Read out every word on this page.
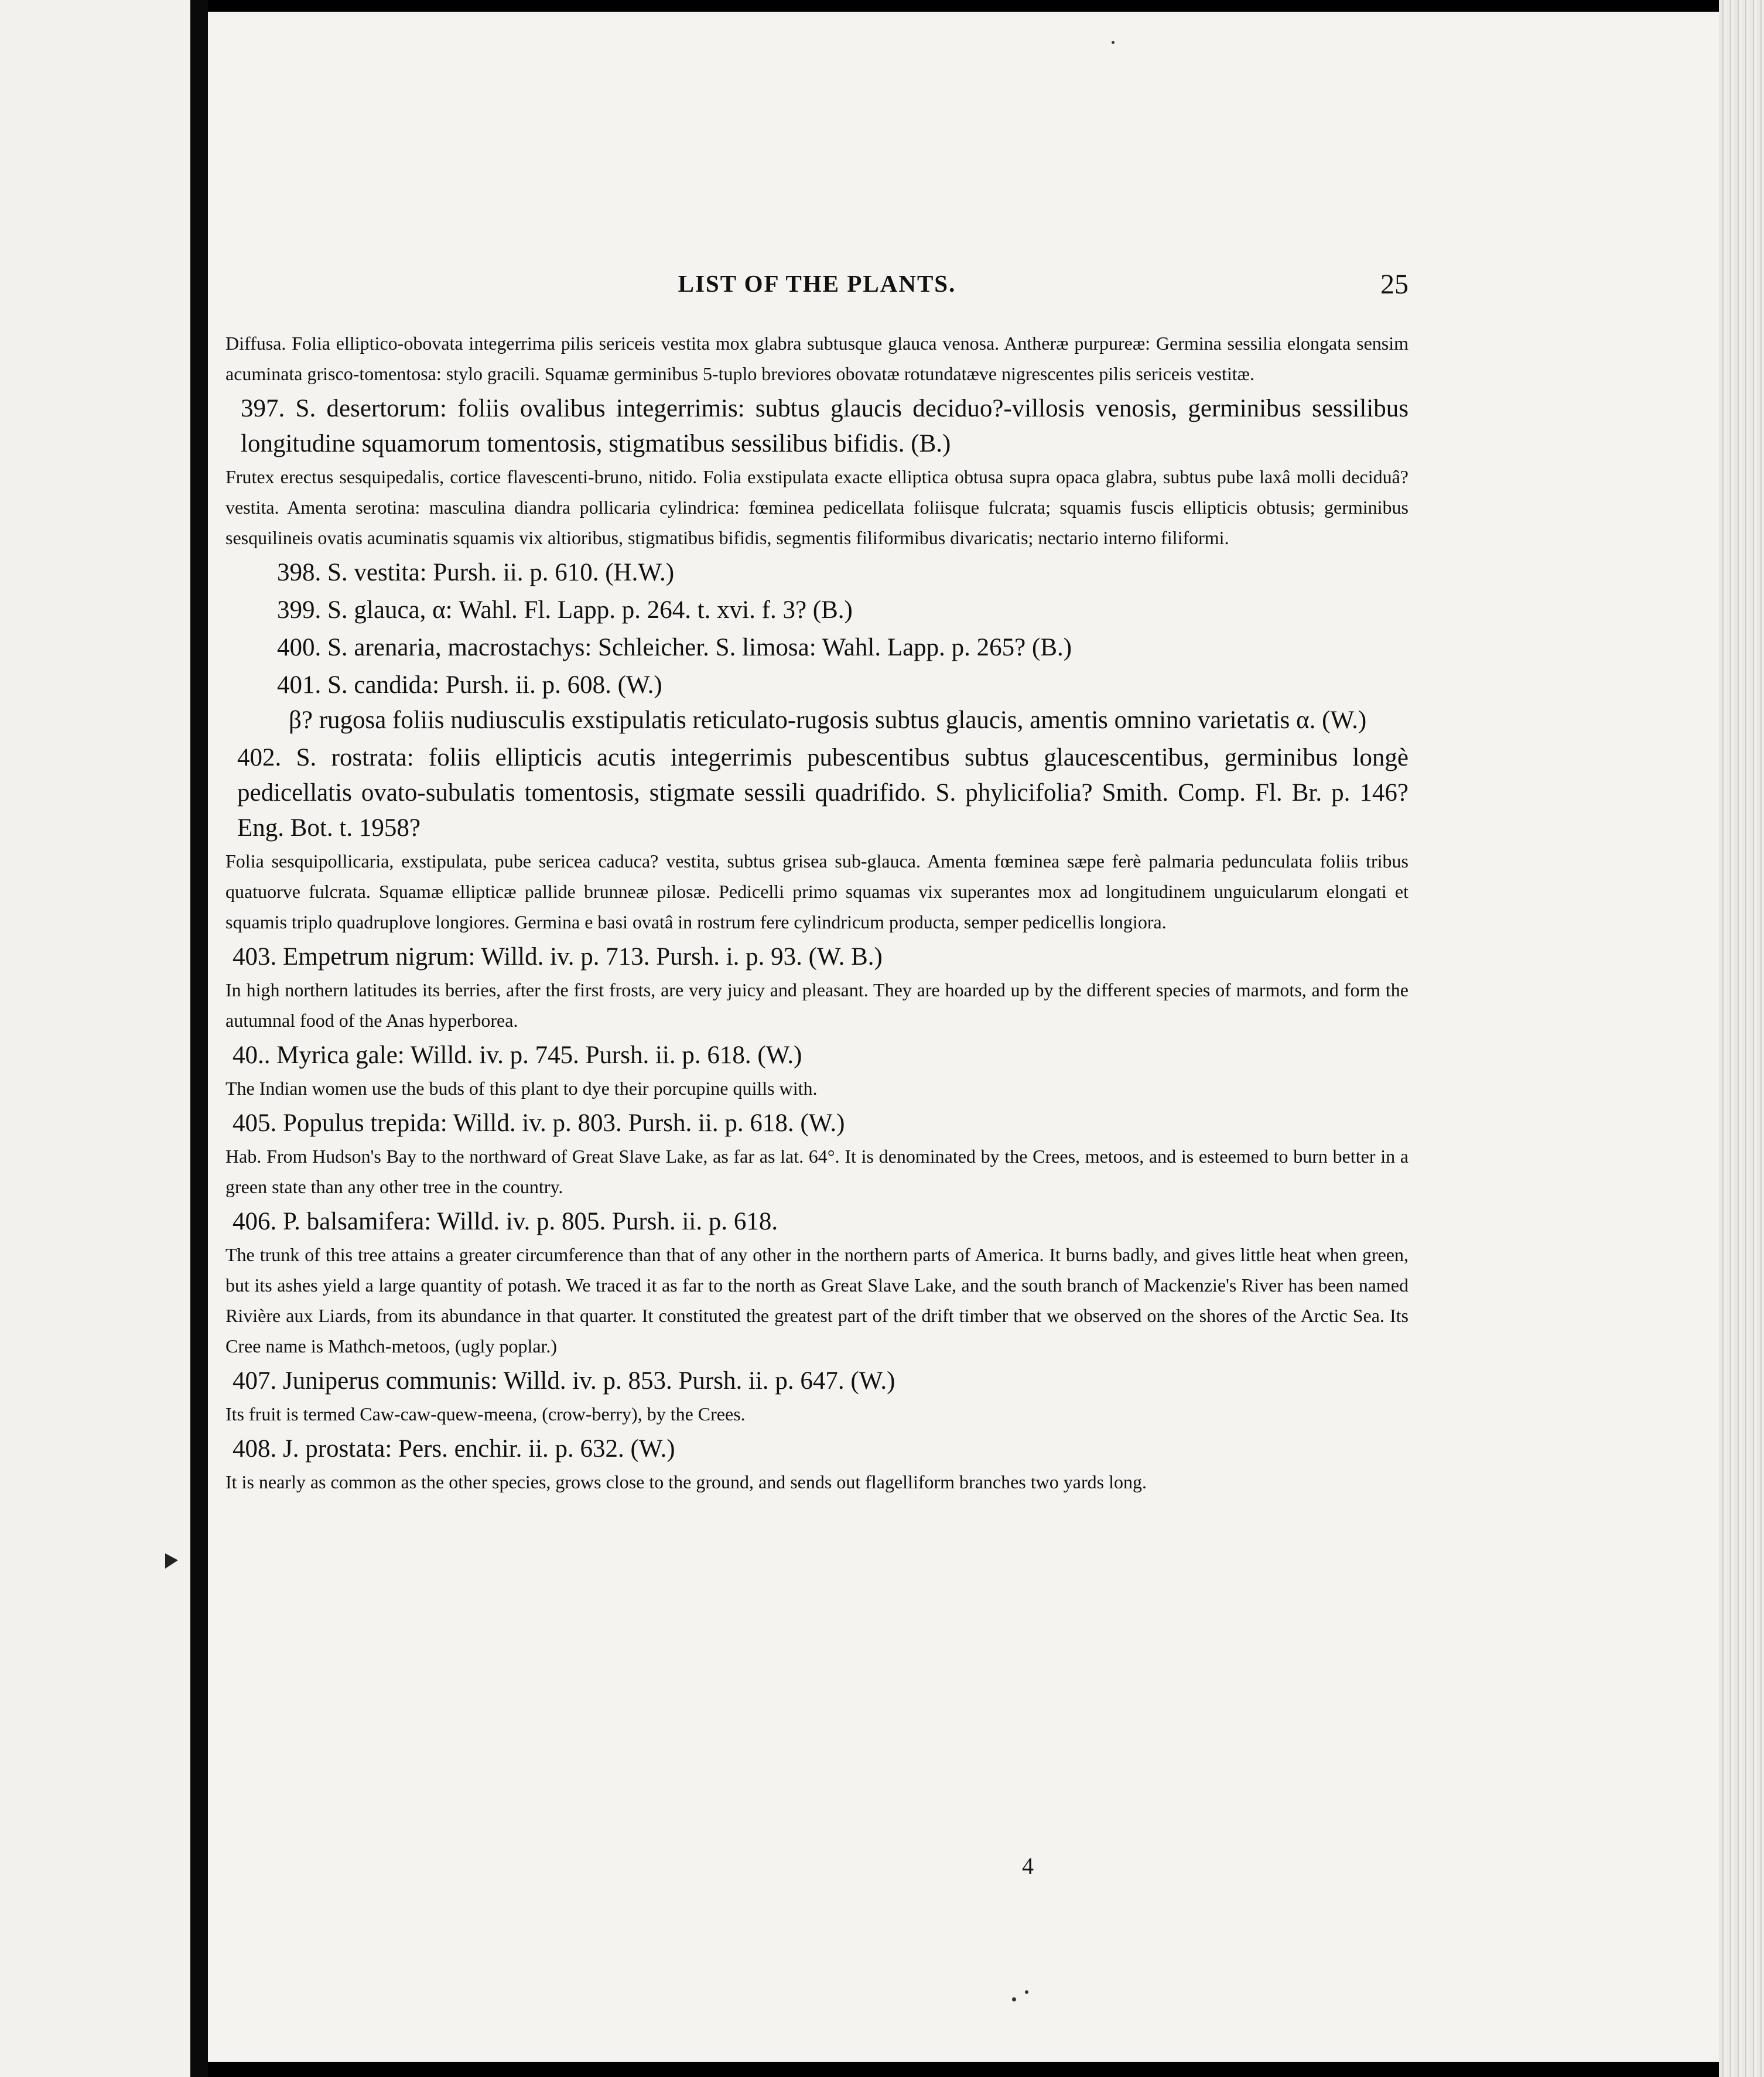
LIST OF THE PLANTS.	25

Diffusa. Folia elliptico-obovata integerrima pilis sericeis vestita mox glabra subtusque glauca venosa. Antheræ purpureæ: Germina sessilia elongata sensim acuminata grisco-tomentosa: stylo gracili. Squamæ germinibus 5-tuplo breviores obovatæ rotundatæve nigrescentes pilis sericeis vestitæ.

397. S. desertorum: foliis ovalibus integerrimis: subtus glaucis deciduo?-villosis venosis, germinibus sessilibus longitudine squamorum tomentosis, stigmatibus sessilibus bifidis. (B.)

Frutex erectus sesquipedalis, cortice flavescenti-bruno, nitido. Folia exstipulata exacte elliptica obtusa supra opaca glabra, subtus pube laxâ molli deciduâ? vestita. Amenta serotina: masculina diandra pollicaria cylindrica: fœminea pedicellata foliisque fulcrata; squamis fuscis ellipticis obtusis; germinibus sesquilineis ovatis acuminatis squamis vix altioribus, stigmatibus bifidis, segmentis filiformibus divaricatis; nectario interno filiformi.

398. S. vestita: Pursh. ii. p. 610. (H.W.)

399. S. glauca, α: Wahl. Fl. Lapp. p. 264. t. xvi. f. 3? (B.)

400. S. arenaria, macrostachys: Schleicher. S. limosa: Wahl. Lapp. p. 265? (B.)

401. S. candida: Pursh. ii. p. 608. (W.)

β? rugosa foliis nudiusculis exstipulatis reticulato-rugosis subtus glaucis, amentis omnino varietatis α. (W.)

402. S. rostrata: foliis ellipticis acutis integerrimis pubescentibus subtus glaucescentibus, germinibus longè pedicellatis ovato-subulatis tomentosis, stigmate sessili quadrifido. S. phylicifolia? Smith. Comp. Fl. Br. p. 146? Eng. Bot. t. 1958?

Folia sesquipollicaria, exstipulata, pube sericea caduca? vestita, subtus grisea sub-glauca. Amenta fœminea sæpe ferè palmaria pedunculata foliis tribus quatuorve fulcrata. Squamæ ellipticæ pallide brunneæ pilosæ. Pedicelli primo squamas vix superantes mox ad longitudinem unguicularum elongati et squamis triplo quadruplove longiores. Germina e basi ovatâ in rostrum fere cylindricum producta, semper pedicellis longiora.

403. Empetrum nigrum: Willd. iv. p. 713. Pursh. i. p. 93. (W. B.)

In high northern latitudes its berries, after the first frosts, are very juicy and pleasant. They are hoarded up by the different species of marmots, and form the autumnal food of the Anas hyperborea.

40.. Myrica gale: Willd. iv. p. 745. Pursh. ii. p. 618. (W.)

The Indian women use the buds of this plant to dye their porcupine quills with.

405. Populus trepida: Willd. iv. p. 803. Pursh. ii. p. 618. (W.)

Hab. From Hudson's Bay to the northward of Great Slave Lake, as far as lat. 64°. It is denominated by the Crees, metoos, and is esteemed to burn better in a green state than any other tree in the country.

406. P. balsamifera: Willd. iv. p. 805. Pursh. ii. p. 618.

The trunk of this tree attains a greater circumference than that of any other in the northern parts of America. It burns badly, and gives little heat when green, but its ashes yield a large quantity of potash. We traced it as far to the north as Great Slave Lake, and the south branch of Mackenzie's River has been named Rivière aux Liards, from its abundance in that quarter. It constituted the greatest part of the drift timber that we observed on the shores of the Arctic Sea. Its Cree name is Mathch-metoos, (ugly poplar.)

407. Juniperus communis: Willd. iv. p. 853. Pursh. ii. p. 647. (W.)

Its fruit is termed Caw-caw-quew-meena, (crow-berry), by the Crees.

408. J. prostata: Pers. enchir. ii. p. 632. (W.)

It is nearly as common as the other species, grows close to the ground, and sends out flagelliform branches two yards long.

4
